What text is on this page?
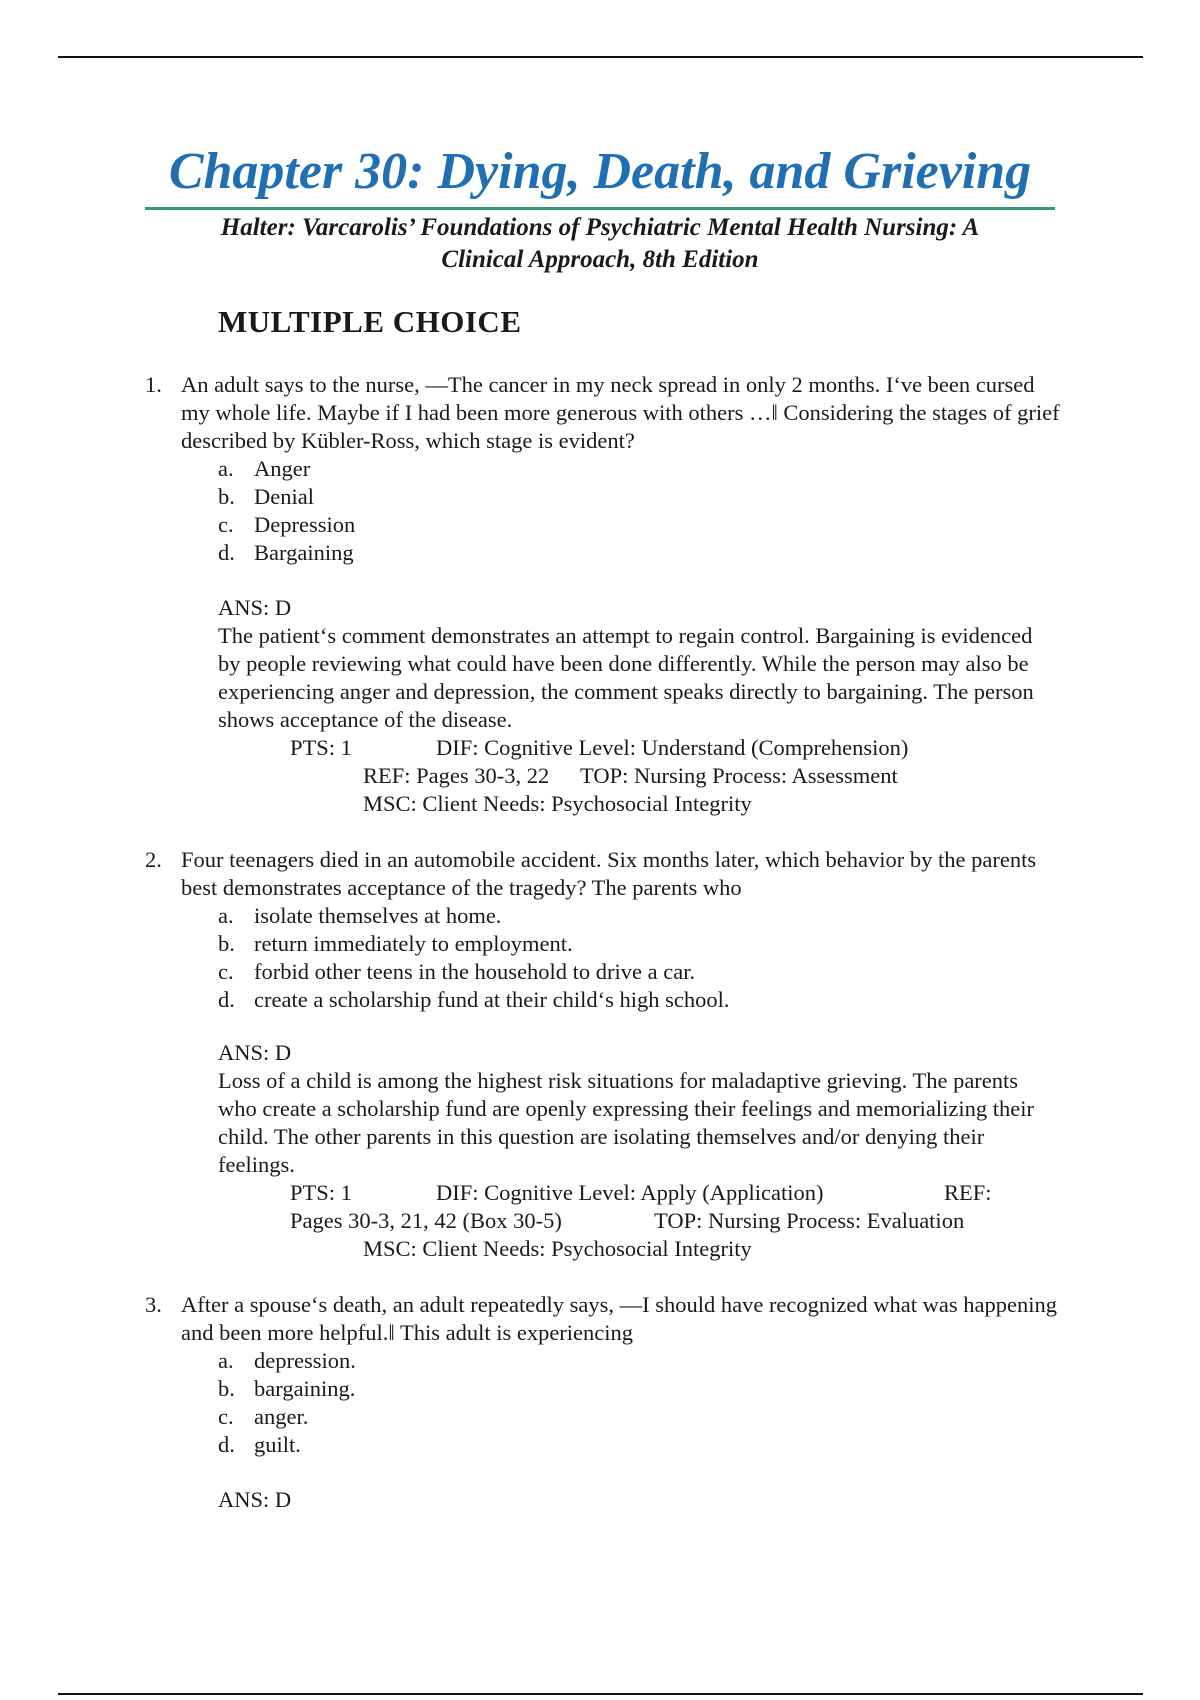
Chapter 30: Dying, Death, and Grieving
Halter: Varcarolis’ Foundations of Psychiatric Mental Health Nursing: A
Clinical Approach, 8th Edition
MULTIPLE CHOICE
1. An adult says to the nurse, ―The cancer in my neck spread in only 2 months. I‘ve been cursed my whole life. Maybe if I had been more generous with others …‖ Considering the stages of grief described by Kübler-Ross, which stage is evident?
a. Anger
b. Denial
c. Depression
d. Bargaining
ANS: D
The patient‘s comment demonstrates an attempt to regain control. Bargaining is evidenced by people reviewing what could have been done differently. While the person may also be experiencing anger and depression, the comment speaks directly to bargaining. The person shows acceptance of the disease.
PTS: 1	DIF: Cognitive Level: Understand (Comprehension)
REF: Pages 30-3, 22 TOP: Nursing Process: Assessment
MSC: Client Needs: Psychosocial Integrity
2. Four teenagers died in an automobile accident. Six months later, which behavior by the parents best demonstrates acceptance of the tragedy? The parents who
a. isolate themselves at home.
b. return immediately to employment.
c. forbid other teens in the household to drive a car.
d. create a scholarship fund at their child‘s high school.
ANS: D
Loss of a child is among the highest risk situations for maladaptive grieving. The parents who create a scholarship fund are openly expressing their feelings and memorializing their child. The other parents in this question are isolating themselves and/or denying their feelings.
PTS: 1	DIF: Cognitive Level: Apply (Application)	REF:
Pages 30-3, 21, 42 (Box 30-5)	TOP: Nursing Process: Evaluation
MSC: Client Needs: Psychosocial Integrity
3. After a spouse‘s death, an adult repeatedly says, ―I should have recognized what was happening and been more helpful.‖ This adult is experiencing
a. depression.
b. bargaining.
c. anger.
d. guilt.
ANS: D
